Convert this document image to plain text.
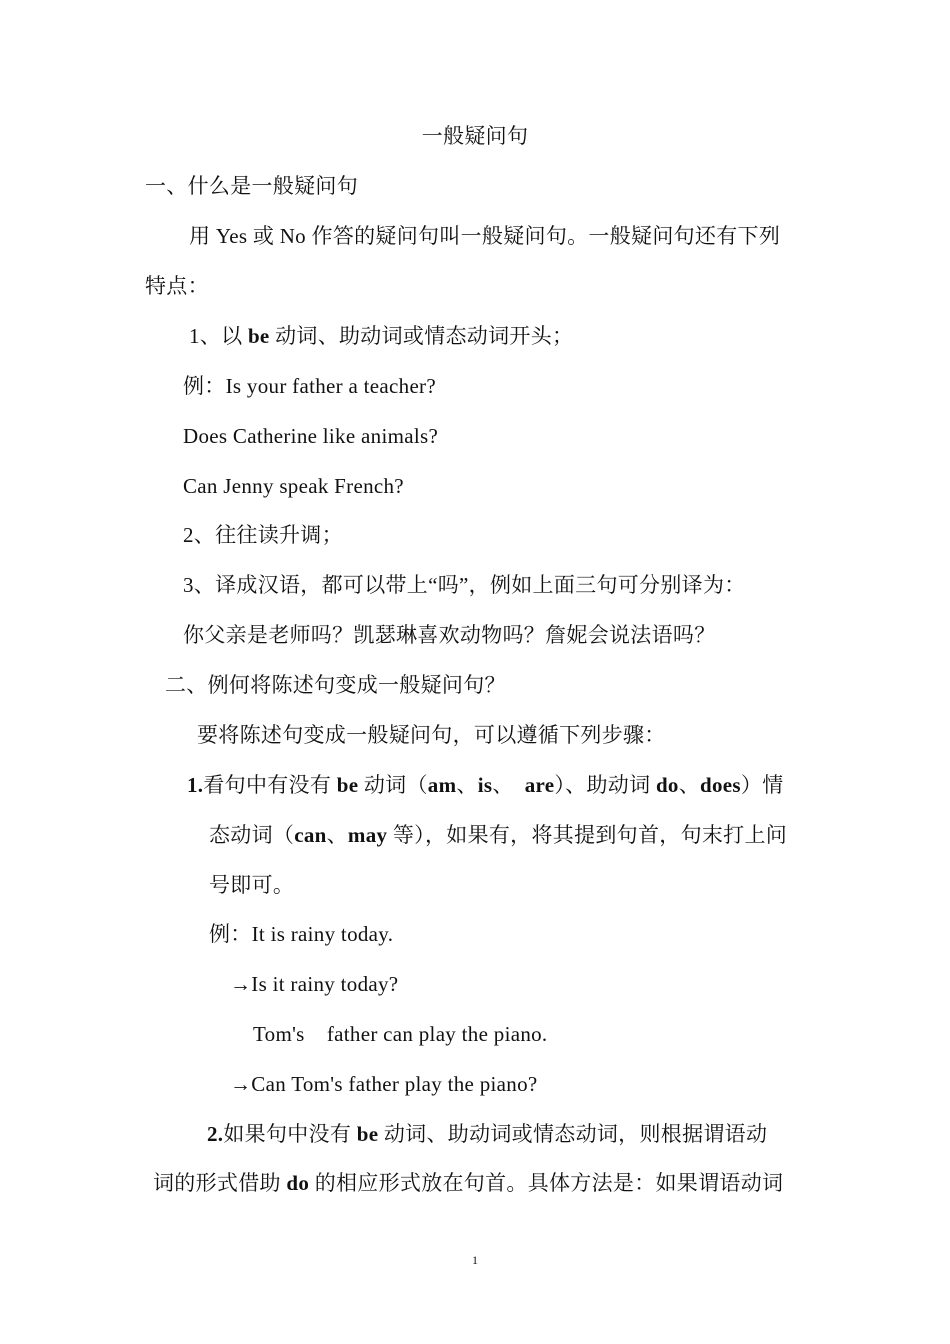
一般疑问句
一、什么是一般疑问句
用 Yes 或 No 作答的疑问句叫一般疑问句。一般疑问句还有下列
特点：
1、以 be 动词、助动词或情态动词开头；
例：Is your father a teacher?
Does Catherine like animals?
Can Jenny speak French?
2、往往读升调；
3、译成汉语，都可以带上“吗”，例如上面三句可分别译为：
你父亲是老师吗？凯瑟琳喜欢动物吗？詹妮会说法语吗？
二、例何将陈述句变成一般疑问句？
要将陈述句变成一般疑问句，可以遵循下列步骤：
1.看句中有没有 be 动词（am、is、  are）、助动词 do、does）情
态动词（can、may 等），如果有，将其提到句首，句末打上问
号即可。
例：It is rainy today.
→Is it rainy today?
Tom's    father can play the piano.
→Can Tom's father play the piano?
2.如果句中没有 be 动词、助动词或情态动词，则根据谓语动
词的形式借助 do 的相应形式放在句首。具体方法是：如果谓语动词
1
